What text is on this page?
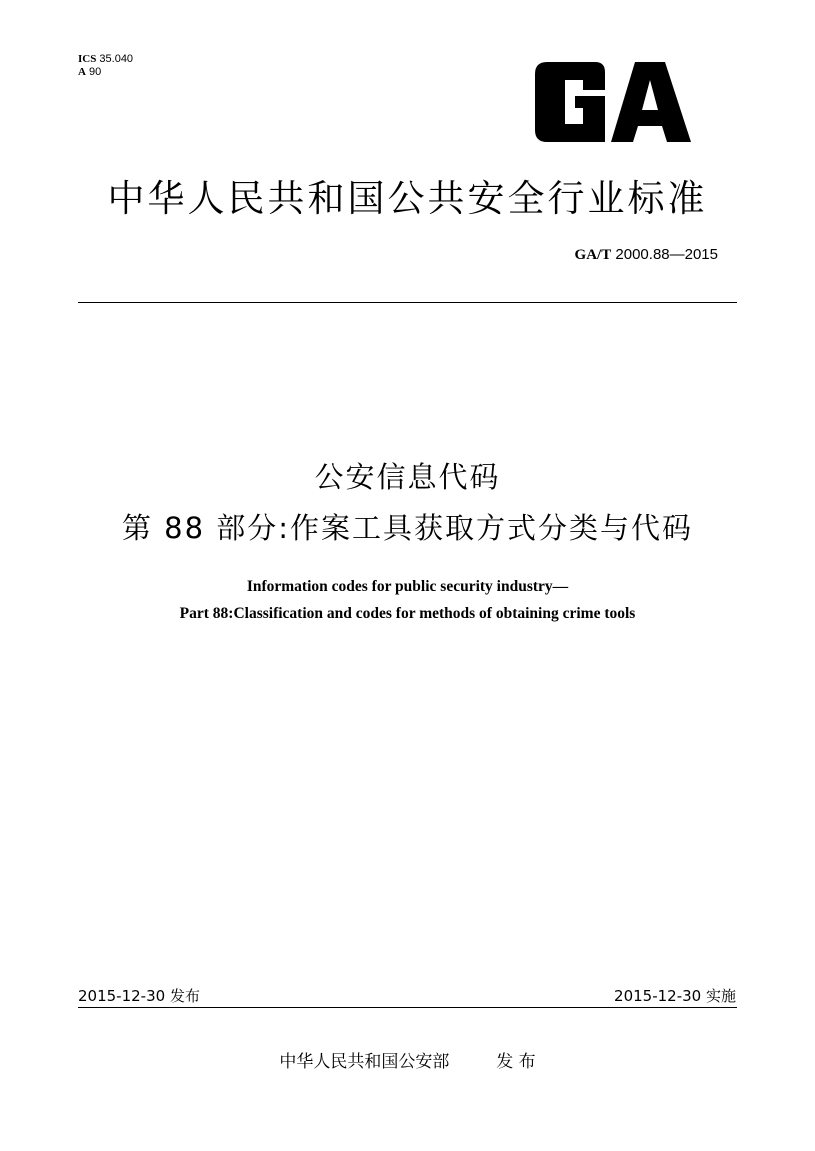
ICS 35.040
A 90
中华人民共和国公共安全行业标准
GA/T 2000.88—2015
公安信息代码
第 88 部分:作案工具获取方式分类与代码
Information codes for public security industry—
Part 88:Classification and codes for methods of obtaining crime tools
2015-12-30 发布	2015-12-30 实施
中华人民共和国公安部	发 布
